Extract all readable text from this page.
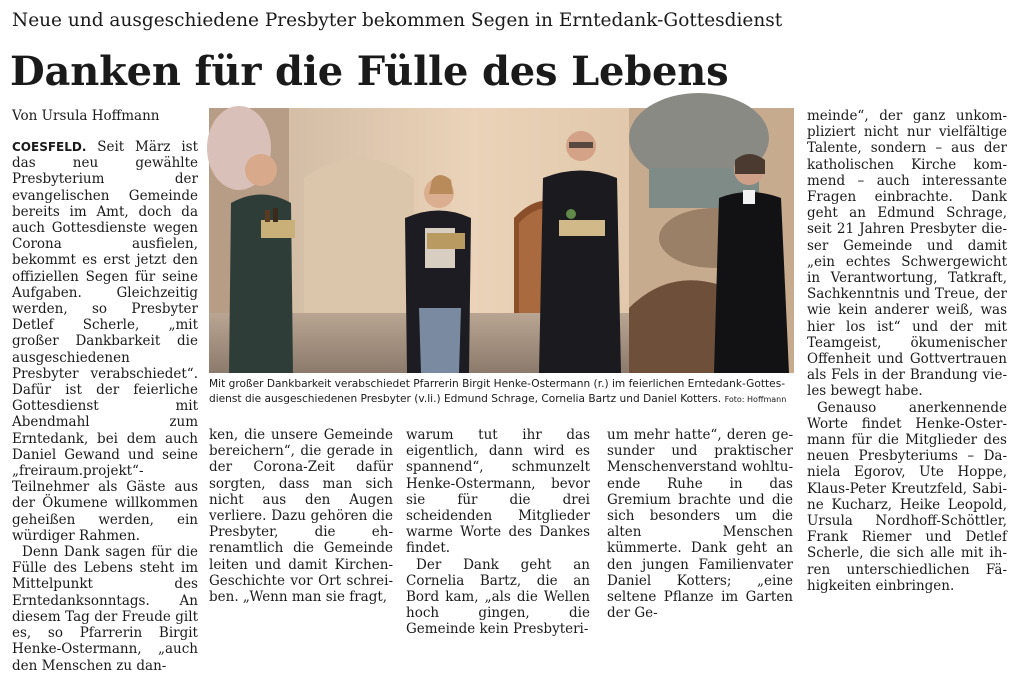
Neue und ausgeschiedene Presbyter bekommen Segen in Erntedank-Gottesdienst
Danken für die Fülle des Lebens
Von Ursula Hoffmann

COESFELD. Seit März ist das neu gewählte Presbyterium der evangelischen Gemeinde bereits im Amt, doch da auch Gottesdienste wegen Corona ausfielen, bekommt es erst jetzt den offiziellen Segen für seine Aufgaben. Gleichzeitig werden, so Presbyter Detlef Scherle, „mit großer Dankbarkeit die ausgeschiedenen Presbyter verabschiedet“. Dafür ist der feierliche Gottesdienst mit Abendmahl zum Erntedank, bei dem auch Daniel Gewand und seine „freiraum.projekt“-Teilnehmer als Gäste aus der Ökumene willkommen geheißen werden, ein würdiger Rahmen.

Denn Dank sagen für die Fülle des Lebens steht im Mittelpunkt des Erntedanksonntags. An diesem Tag der Freude gilt es, so Pfarrerin Birgit Henke-Ostermann, „auch den Menschen zu dan-

Mit großer Dankbarkeit verabschiedet Pfarrerin Birgit Henke-Ostermann (r.) im feierlichen Erntedank-Gottesdienst die ausgeschiedenen Presbyter (v.li.) Edmund Schrage, Cornelia Bartz und Daniel Kotters. Foto: Hoffmann

ken, die unsere Gemeinde bereichern“, die gerade in der Corona-Zeit dafür sorgten, dass man sich nicht aus den Augen verliere. Dazu gehören die Presbyter, die ehrenamtlich die Gemeinde leiten und damit KirchenGeschichte vor Ort schreiben. „Wenn man sie fragt,

warum tut ihr das eigentlich, dann wird es spannend“, schmunzelt Henke-Ostermann, bevor sie für die drei scheidenden Mitglieder warme Worte des Dankes findet.

Der Dank geht an Cornelia Bartz, die an Bord kam, „als die Wellen hoch gingen, die Gemeinde kein Presbyteri-

um mehr hatte“, deren gesunder und praktischer Menschenverstand wohltuende Ruhe in das Gremium brachte und die sich besonders um die alten Menschen kümmerte. Dank geht an den jungen Familienvater Daniel Kotters; „eine seltene Pflanze im Garten der Ge-

meinde“, der ganz unkompliziert nicht nur vielfältige Talente, sondern – aus der katholischen Kirche kommend – auch interessante Fragen einbrachte. Dank geht an Edmund Schrage, seit 21 Jahren Presbyter dieser Gemeinde und damit „ein echtes Schwergewicht in Verantwortung, Tatkraft, Sachkenntnis und Treue, der wie kein anderer weiß, was hier los ist“ und der mit Teamgeist, ökumenischer Offenheit und Gottvertrauen als Fels in der Brandung vieles bewegt habe.

Genauso anerkennende Worte findet Henke-Ostermann für die Mitglieder des neuen Presbyteriums – Daniela Egorov, Ute Hoppe, Klaus-Peter Kreutzfeld, Sabine Kucharz, Heike Leopold, Ursula Nordhoff-Schöttler, Frank Riemer und Detlef Scherle, die sich alle mit ihren unterschiedlichen Fähigkeiten einbringen.
